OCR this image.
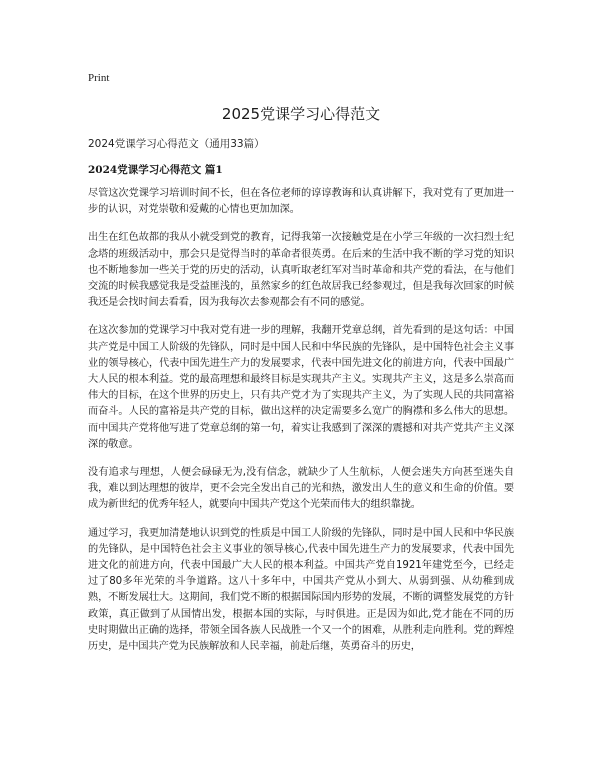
Print
2025党课学习心得范文
2024党课学习心得范文（通用33篇）
2024党课学习心得范文 篇1

尽管这次党课学习培训时间不长，但在各位老师的谆谆教诲和认真讲解下，我对党有了更加进一步的认识，对党崇敬和爱戴的心情也更加加深。

出生在红色故都的我从小就受到党的教育，记得我第一次接触党是在小学三年级的一次扫烈士纪念塔的班级活动中，那会只是觉得当时的革命者很英勇。在后来的生活中我不断的学习党的知识也不断地参加一些关于党的历史的活动，认真听取老红军对当时革命和共产党的看法，在与他们交流的时候我感觉我是受益匪浅的，虽然家乡的红色故居我已经参观过，但是我每次回家的时候我还是会找时间去看看，因为我每次去参观都会有不同的感觉。

在这次参加的党课学习中我对党有进一步的理解，我翻开党章总纲，首先看到的是这句话：中国共产党是中国工人阶级的先锋队，同时是中国人民和中华民族的先锋队，是中国特色社会主义事业的领导核心，代表中国先进生产力的发展要求，代表中国先进文化的前进方向，代表中国最广大人民的根本利益。党的最高理想和最终目标是实现共产主义。实现共产主义，这是多么崇高而伟大的目标，在这个世界的历史上，只有共产党才为了实现共产主义，为了实现人民的共同富裕而奋斗。人民的富裕是共产党的目标，做出这样的决定需要多么宽广的胸襟和多么伟大的思想。而中国共产党将他写进了党章总纲的第一句，着实让我感到了深深的震撼和对共产党共产主义深深的敬意。

没有追求与理想，人便会碌碌无为,没有信念，就缺少了人生航标，人便会迷失方向甚至迷失自我，难以到达理想的彼岸，更不会完全发出自己的光和热，激发出人生的意义和生命的价值。要成为新世纪的优秀年轻人，就要向中国共产党这个光荣而伟大的组织靠拢。

通过学习，我更加清楚地认识到党的性质是中国工人阶级的先锋队，同时是中国人民和中华民族的先锋队，是中国特色社会主义事业的领导核心,代表中国先进生产力的发展要求，代表中国先进文化的前进方向，代表中国最广大人民的根本利益。中国共产党自1921年建党至今，已经走过了80多年光荣的斗争道路。这八十多年中，中国共产党从小到大、从弱到强、从幼稚到成熟，不断发展壮大。这期间，我们党不断的根据国际国内形势的发展，不断的调整发展党的方针政策，真正做到了从国情出发，根据本国的实际，与时俱进。正是因为如此,党才能在不同的历史时期做出正确的选择，带领全国各族人民战胜一个又一个的困难，从胜利走向胜利。党的辉煌历史，是中国共产党为民族解放和人民幸福，前赴后继，英勇奋斗的历史，
